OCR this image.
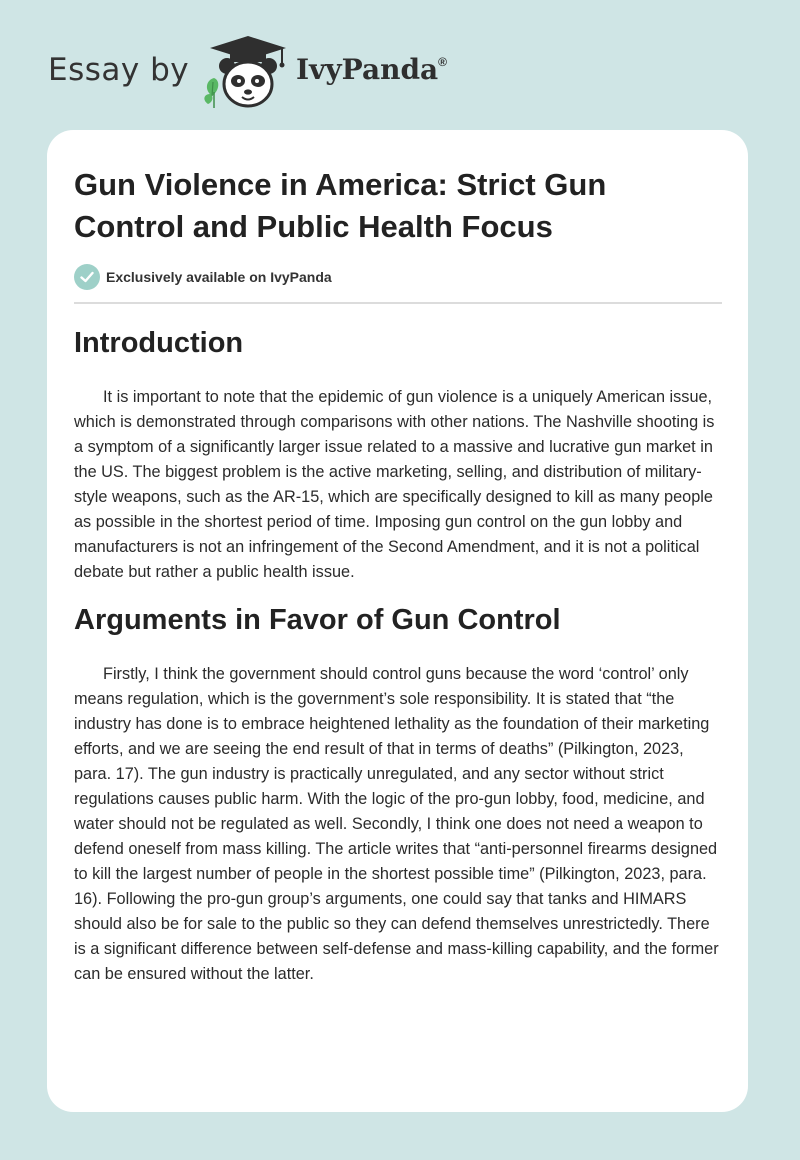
Essay by	IvyPanda®
Gun Violence in America: Strict Gun Control and Public Health Focus
Exclusively available on IvyPanda
Introduction

It is important to note that the epidemic of gun violence is a uniquely American issue, which is demonstrated through comparisons with other nations. The Nashville shooting is a symptom of a significantly larger issue related to a massive and lucrative gun market in the US. The biggest problem is the active marketing, selling, and distribution of military-style weapons, such as the AR-15, which are specifically designed to kill as many people as possible in the shortest period of time. Imposing gun control on the gun lobby and manufacturers is not an infringement of the Second Amendment, and it is not a political debate but rather a public health issue.

Arguments in Favor of Gun Control

Firstly, I think the government should control guns because the word ‘control’ only means regulation, which is the government’s sole responsibility. It is stated that “the industry has done is to embrace heightened lethality as the foundation of their marketing efforts, and we are seeing the end result of that in terms of deaths” (Pilkington, 2023, para. 17). The gun industry is practically unregulated, and any sector without strict regulations causes public harm. With the logic of the pro-gun lobby, food, medicine, and water should not be regulated as well. Secondly, I think one does not need a weapon to defend oneself from mass killing. The article writes that “anti-personnel firearms designed to kill the largest number of people in the shortest possible time” (Pilkington, 2023, para. 16). Following the pro-gun group’s arguments, one could say that tanks and HIMARS should also be for sale to the public so they can defend themselves unrestrictedly. There is a significant difference between self-defense and mass-killing capability, and the former can be ensured without the latter.
